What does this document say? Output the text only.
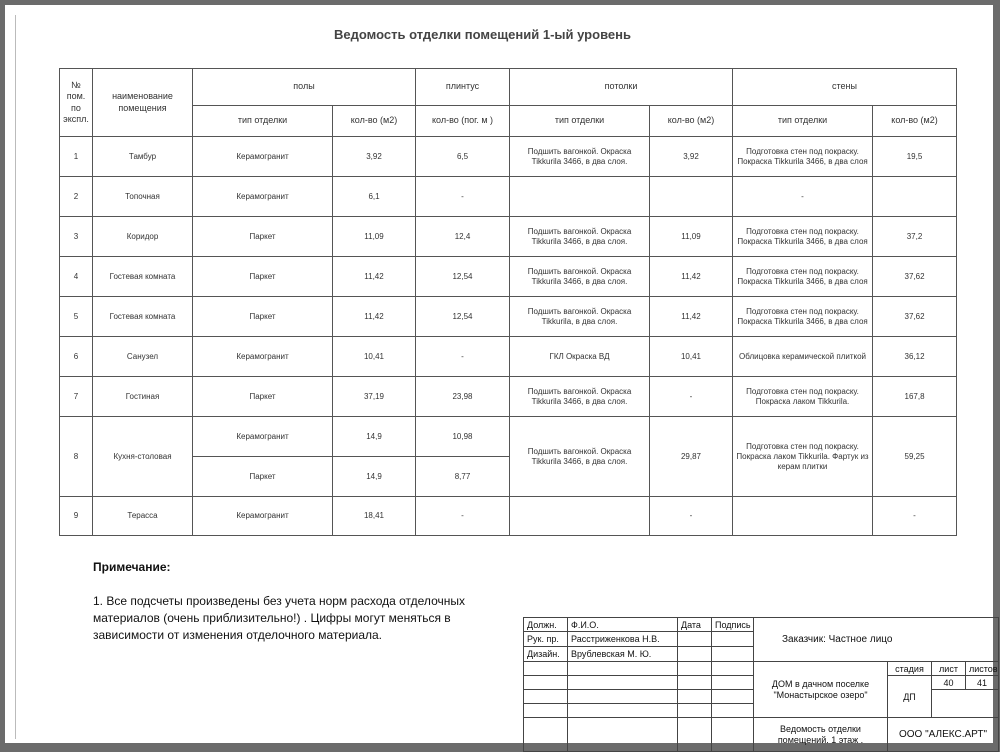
Ведомость отделки помещений 1-ый уровень
№ пом. по экспл.	наименование помещения	полы		плинтус	потолки		стены	
		тип отделки	кол-во (м2)	кол-во (пог. м )	тип отделки	кол-во (м2)	тип отделки	кол-во (м2)
1	Тамбур	Керамогранит	3,92	6,5	Подшить вагонкой. Окраска Tikkurila 3466, в два слоя.	3,92	Подготовка стен под покраску. Покраска Tikkurila 3466, в два слоя	19,5
2	Топочная	Керамогранит	6,1	-			-	
3	Коридор	Паркет	11,09	12,4	Подшить вагонкой. Окраска Tikkurila 3466, в два слоя.	11,09	Подготовка стен под покраску. Покраска Tikkurila 3466, в два слоя	37,2
4	Гостевая комната	Паркет	11,42	12,54	Подшить вагонкой. Окраска Tikkurila 3466, в два слоя.	11,42	Подготовка стен под покраску. Покраска Tikkurila 3466, в два слоя	37,62
5	Гостевая комната	Паркет	11,42	12,54	Подшить вагонкой. Окраска Tikkurila, в два слоя.	11,42	Подготовка стен под покраску. Покраска Tikkurila 3466, в два слоя	37,62
6	Санузел	Керамогранит	10,41	-	ГКЛ Окраска ВД	10,41	Облицовка керамической плиткой	36,12
7	Гостиная	Паркет	37,19	23,98	Подшить вагонкой. Окраска Tikkurila 3466, в два слоя.	-	Подготовка стен под покраску. Покраска лаком Tikkurila.	167,8
8	Кухня-столовая	Керамогранит	14,9	10,98	Подшить вагонкой. Окраска Tikkurila 3466, в два слоя.	29,87	Подготовка стен под покраску. Покраска лаком Tikkurila. Фартук из керам плитки	59,25
		Паркет	14,9	8,77				
9	Терасса	Керамогранит	18,41	-		-		-
Примечание:
1. Все подсчеты произведены без учета норм расхода отделочных материалов (очень приблизительно!) . Цифры могут меняться в зависимости от изменения отделочного материала.
Должн.	Ф.И.О.	Дата	Подпись	Заказчик: Частное лицо			
Рук. пр.	Расстриженкова Н.В.						
Дизайн.	Врублевская М. Ю.						
				ДОМ в дачном поселке "Монастырское озеро"	стадия	лист	листов
					ДП	40	41

				Ведомость отделки помещений. 1 этаж .	ООО "АЛЕКС.АРТ"		
